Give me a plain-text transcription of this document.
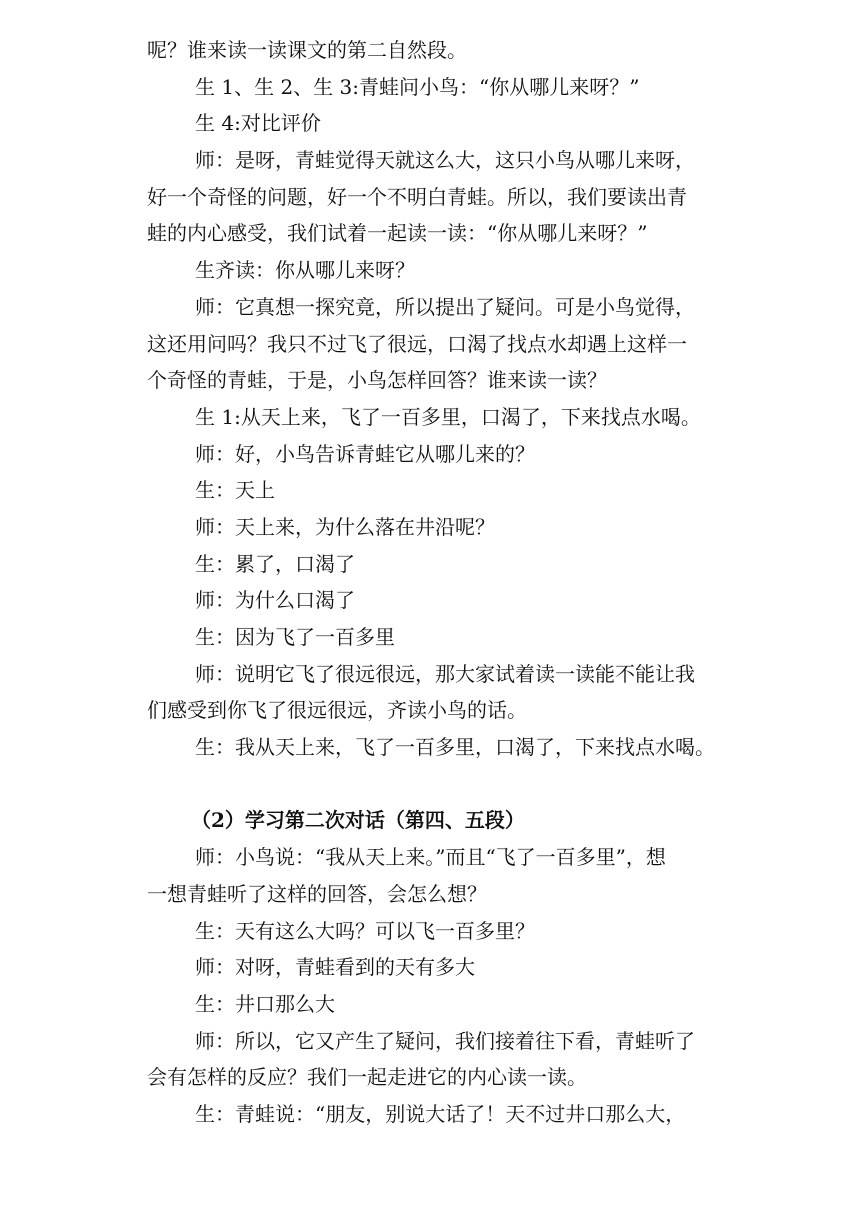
呢？谁来读一读课文的第二自然段。
生 1、生 2、生 3:青蛙问小鸟：“你从哪儿来呀？”
生 4:对比评价
师：是呀，青蛙觉得天就这么大，这只小鸟从哪儿来呀，
好一个奇怪的问题，好一个不明白青蛙。所以，我们要读出青
蛙的内心感受，我们试着一起读一读：“你从哪儿来呀？”
生齐读：你从哪儿来呀？
师：它真想一探究竟，所以提出了疑问。可是小鸟觉得，
这还用问吗？我只不过飞了很远，口渴了找点水却遇上这样一
个奇怪的青蛙，于是，小鸟怎样回答？谁来读一读？
生 1:从天上来，飞了一百多里，口渴了，下来找点水喝。
师：好，小鸟告诉青蛙它从哪儿来的？
生：天上
师：天上来，为什么落在井沿呢？
生：累了，口渴了
师：为什么口渴了
生：因为飞了一百多里
师：说明它飞了很远很远，那大家试着读一读能不能让我
们感受到你飞了很远很远，齐读小鸟的话。
生：我从天上来，飞了一百多里，口渴了，下来找点水喝。
（2）学习第二次对话（第四、五段）
师：小鸟说：“我从天上来。”而且“飞了一百多里”，想
一想青蛙听了这样的回答，会怎么想？
生：天有这么大吗？可以飞一百多里？
师：对呀，青蛙看到的天有多大
生：井口那么大
师：所以，它又产生了疑问，我们接着往下看，青蛙听了
会有怎样的反应？我们一起走进它的内心读一读。
生：青蛙说：“朋友，别说大话了！天不过井口那么大，
